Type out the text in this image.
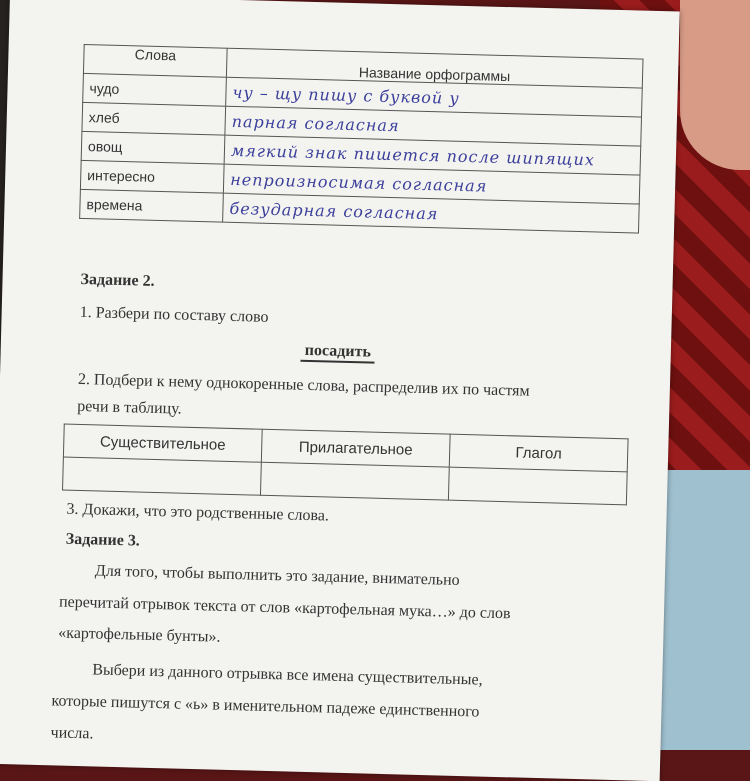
Слова	Название орфограммы
чудо	чу – щу пишу с буквой у
хлеб	парная согласная
овощ	мягкий знак пишется после шипящих
интересно	непроизносимая согласная
времена	безударная согласная
Задание 2.
1. Разбери по составу слово
посадить
2. Подбери к нему однокоренные слова, распределив их по частям
речи в таблицу.
Существительное	Прилагательное	Глагол

3. Докажи, что это родственные слова.
Задание 3.
Для того, чтобы выполнить это задание, внимательно
перечитай отрывок текста от слов «картофельная мука…» до слов
«картофельные бунты».
Выбери из данного отрывка все имена существительные,
которые пишутся с «ь» в именительном падеже единственного
числа.
